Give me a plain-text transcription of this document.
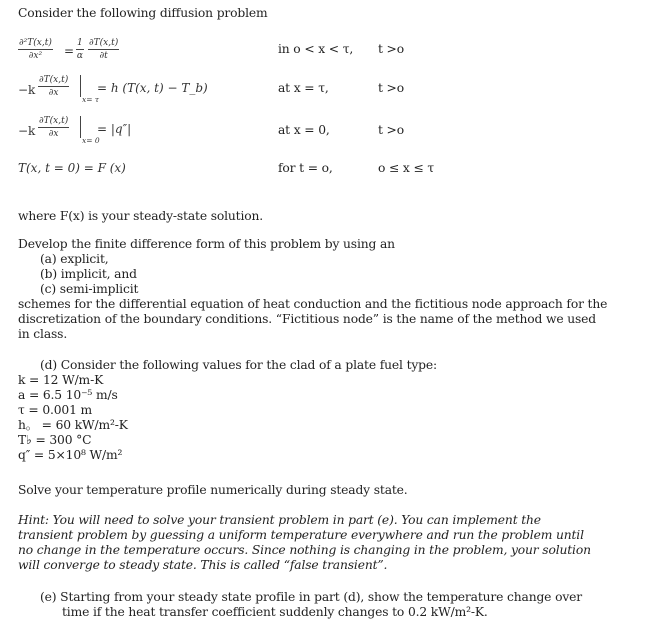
Consider the following diffusion problem
$\frac{\text{∂²T(x,t)}}{\text{∂x²}} = \frac{1}{\alpha} \frac{\partial T(x,t)}{\partial t}$	in o < x < τ, t >o
$-k \frac{\partial T(x,t)}{\partial x}$
x= τ
= h (T(x, t) − T_b)	at x = τ,	t >o
$-k \frac{\partial T(x,t)}{\partial x}$
x= 0
= |q″|	at x = 0,	t >o
T(x, t = 0) = F (x)	for t = o,	o ≤ x ≤ τ
where F(x) is your steady-state solution.
Develop the finite difference form of this problem by using an
(a) explicit,
(b) implicit, and
(c) semi-implicit
schemes for the differential equation of heat conduction and the fictitious node approach for the
discretization of the boundary conditions. “Fictitious node” is the name of the method we used
in class.
(d) Consider the following values for the clad of a plate fuel type:
k = 12 W/m-K
a = 6.5 10⁻⁵ m/s
τ = 0.001 m
h。 = 60 kW/m²-K
T♭ = 300 °C
q″ = 5×10⁸ W/m²
Solve your temperature profile numerically during steady state.
Hint: You will need to solve your transient problem in part (e). You can implement the
transient problem by guessing a uniform temperature everywhere and run the problem until
no change in the temperature occurs. Since nothing is changing in the problem, your solution
will converge to steady state. This is called “false transient”.
(e) Starting from your steady state profile in part (d), show the temperature change over
time if the heat transfer coefficient suddenly changes to 0.2 kW/m²-K.
